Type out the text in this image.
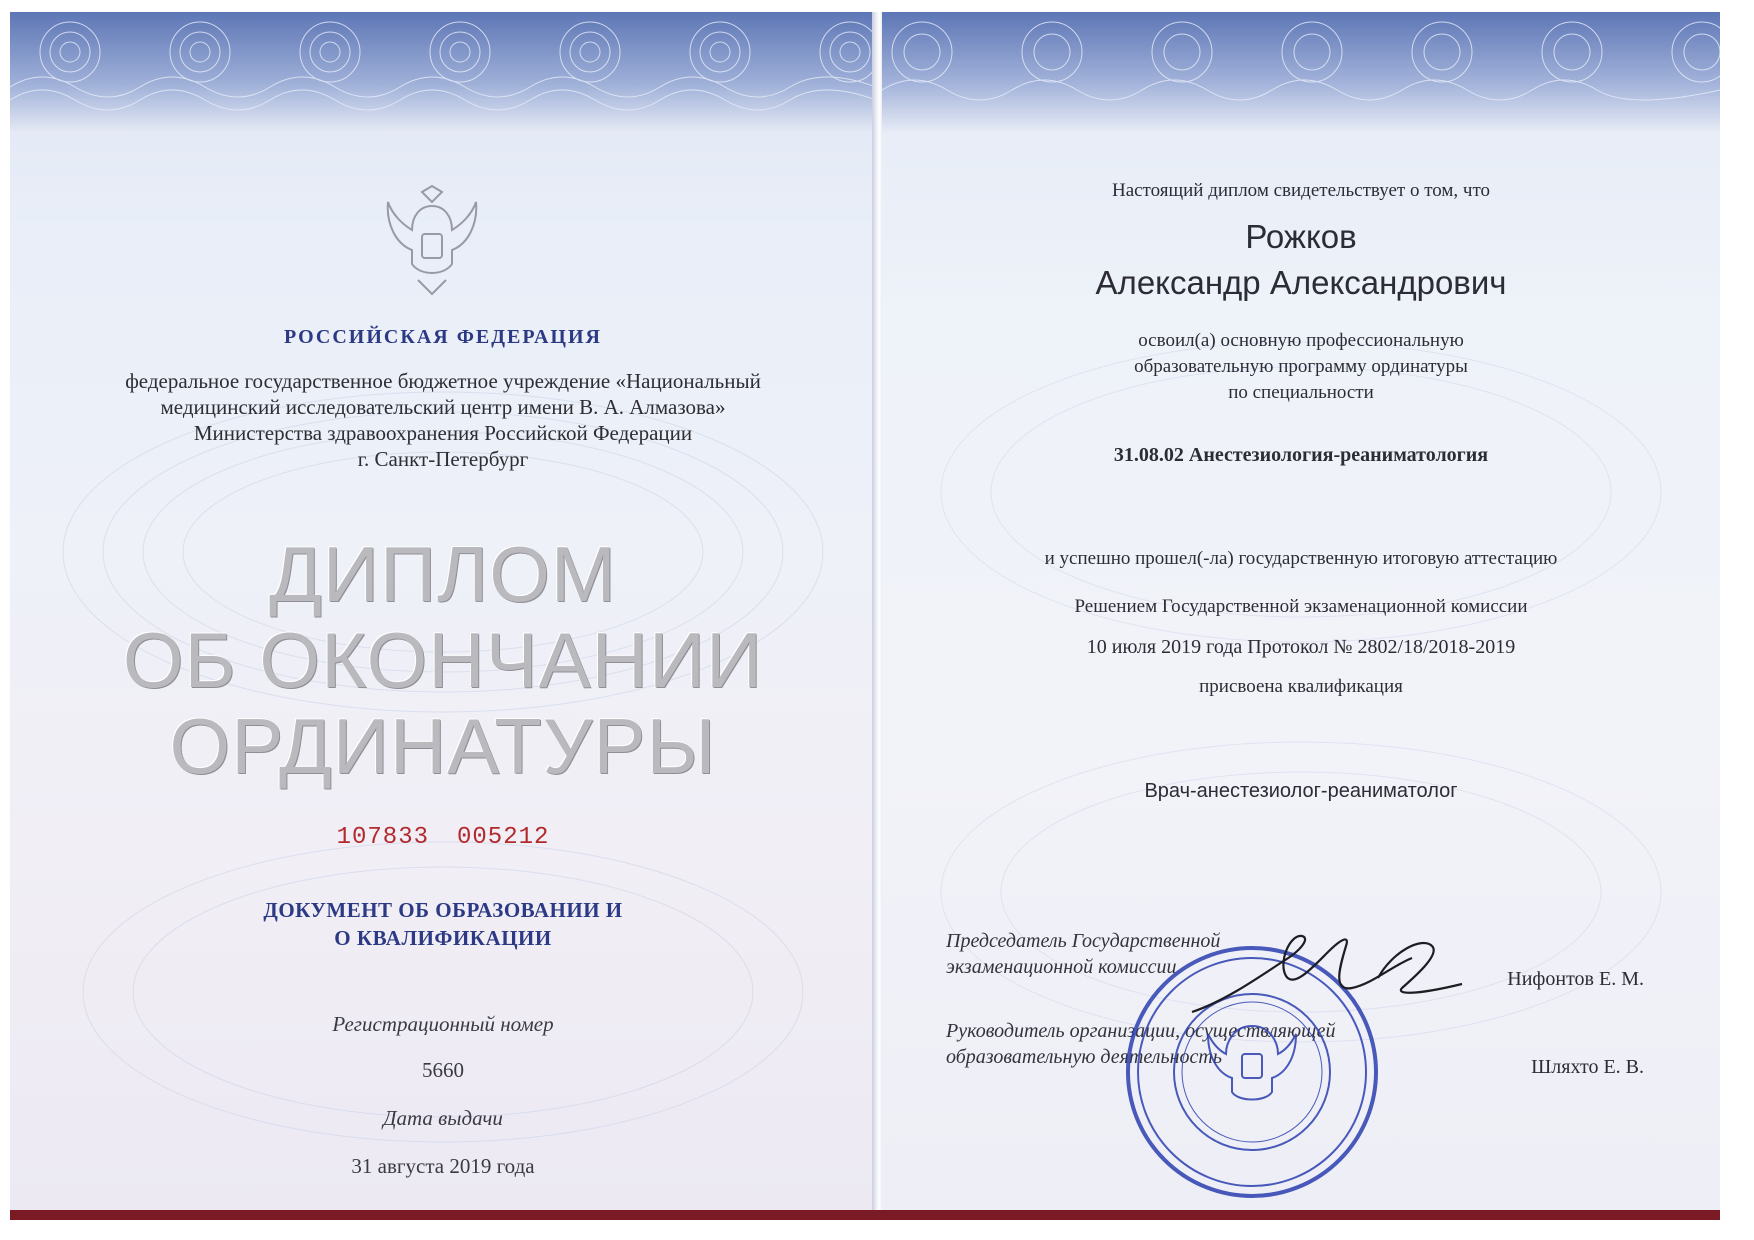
РОССИЙСКАЯ ФЕДЕРАЦИЯ
федеральное государственное бюджетное учреждение «Национальный
медицинский исследовательский центр имени В. А. Алмазова»
Министерства здравоохранения Российской Федерации
г. Санкт-Петербург
ДИПЛОМ
ОБ ОКОНЧАНИИ
ОРДИНАТУРЫ
107833 005212
ДОКУМЕНТ ОБ ОБРАЗОВАНИИ И
О КВАЛИФИКАЦИИ
Регистрационный номер
5660
Дата выдачи
31 августа 2019 года
Настоящий диплом свидетельствует о том, что
Рожков
Александр Александрович
освоил(а) основную профессиональную
образовательную программу ординатуры
по специальности
31.08.02 Анестезиология-реаниматология
и успешно прошел(-ла) государственную итоговую аттестацию
Решением Государственной экзаменационной комиссии
10 июля 2019 года Протокол № 2802/18/2018-2019
присвоена квалификация
Врач-анестезиолог-реаниматолог
Председатель Государственной
экзаменационной комиссии
Нифонтов Е. М.
Руководитель организации, осуществляющей
образовательную деятельность	Шляхто Е. В.
